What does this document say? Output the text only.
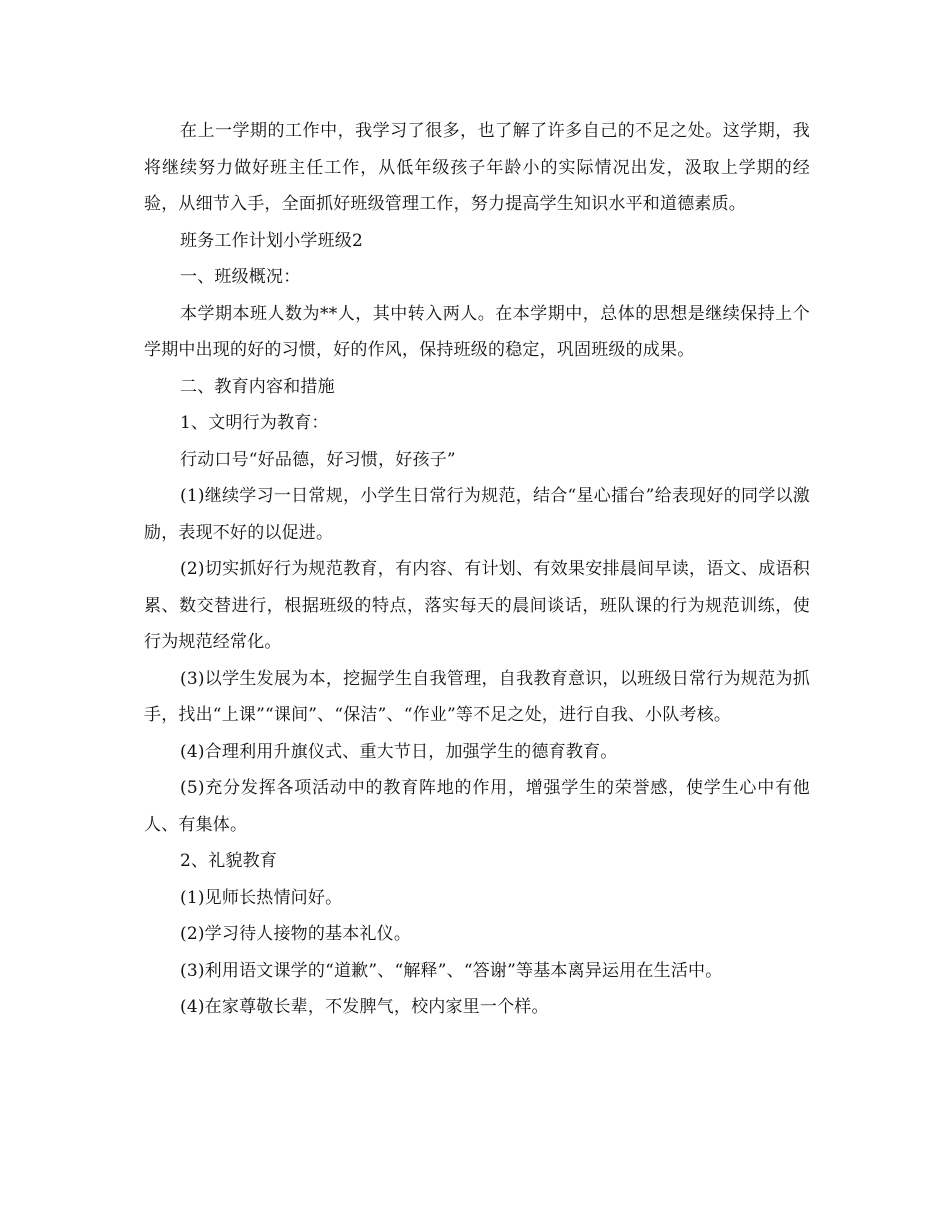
在上一学期的工作中，我学习了很多，也了解了许多自己的不足之处。这学期，我将继续努力做好班主任工作，从低年级孩子年龄小的实际情况出发，汲取上学期的经验，从细节入手，全面抓好班级管理工作，努力提高学生知识水平和道德素质。

班务工作计划小学班级2

一、班级概况：

本学期本班人数为**人，其中转入两人。在本学期中，总体的思想是继续保持上个学期中出现的好的习惯，好的作风，保持班级的稳定，巩固班级的成果。

二、教育内容和措施

1、文明行为教育：

行动口号“好品德，好习惯，好孩子”

(1)继续学习一日常规，小学生日常行为规范，结合“星心擂台”给表现好的同学以激励，表现不好的以促进。

(2)切实抓好行为规范教育，有内容、有计划、有效果安排晨间早读，语文、成语积累、数交替进行，根据班级的特点，落实每天的晨间谈话，班队课的行为规范训练，使行为规范经常化。

(3)以学生发展为本，挖掘学生自我管理，自我教育意识，以班级日常行为规范为抓手，找出“上课”“课间”、“保洁”、“作业”等不足之处，进行自我、小队考核。

(4)合理利用升旗仪式、重大节日，加强学生的德育教育。

(5)充分发挥各项活动中的教育阵地的作用，增强学生的荣誉感，使学生心中有他人、有集体。

2、礼貌教育

(1)见师长热情问好。

(2)学习待人接物的基本礼仪。

(3)利用语文课学的“道歉”、“解释”、“答谢”等基本离异运用在生活中。

(4)在家尊敬长辈，不发脾气，校内家里一个样。
